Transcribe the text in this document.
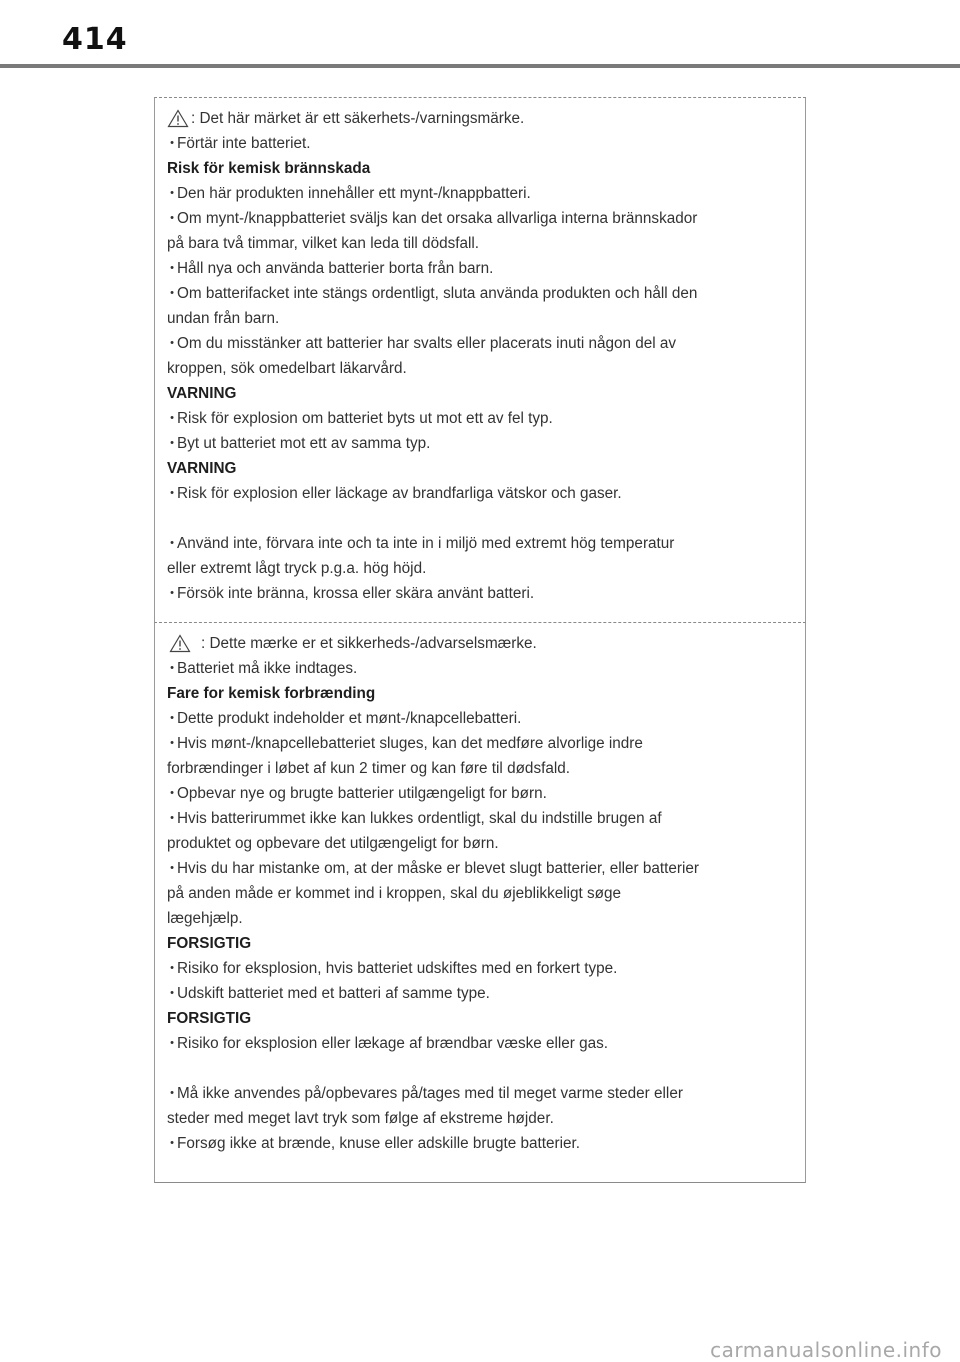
414
: Det här märket är ett säkerhets-/varningsmärke.
• Förtär inte batteriet.
Risk för kemisk brännskada
• Den här produkten innehåller ett mynt-/knappbatteri.
• Om mynt-/knappbatteriet sväljs kan det orsaka allvarliga interna brännskador
på bara två timmar, vilket kan leda till dödsfall.
• Håll nya och använda batterier borta från barn.
• Om batterifacket inte stängs ordentligt, sluta använda produkten och håll den
undan från barn.
• Om du misstänker att batterier har svalts eller placerats inuti någon del av
kroppen, sök omedelbart läkarvård.
VARNING
• Risk för explosion om batteriet byts ut mot ett av fel typ.
• Byt ut batteriet mot ett av samma typ.
VARNING
• Risk för explosion eller läckage av brandfarliga vätskor och gaser.
• Använd inte, förvara inte och ta inte in i miljö med extremt hög temperatur
eller extremt lågt tryck p.g.a. hög höjd.
• Försök inte bränna, krossa eller skära använt batteri.
: Dette mærke er et sikkerheds-/advarselsmærke.
• Batteriet må ikke indtages.
Fare for kemisk forbrænding
• Dette produkt indeholder et mønt-/knapcellebatteri.
• Hvis mønt-/knapcellebatteriet sluges, kan det medføre alvorlige indre
forbrændinger i løbet af kun 2 timer og kan føre til dødsfald.
• Opbevar nye og brugte batterier utilgængeligt for børn.
• Hvis batterirummet ikke kan lukkes ordentligt, skal du indstille brugen af
produktet og opbevare det utilgængeligt for børn.
• Hvis du har mistanke om, at der måske er blevet slugt batterier, eller batterier
på anden måde er kommet ind i kroppen, skal du øjeblikkeligt søge
lægehjælp.
FORSIGTIG
• Risiko for eksplosion, hvis batteriet udskiftes med en forkert type.
• Udskift batteriet med et batteri af samme type.
FORSIGTIG
• Risiko for eksplosion eller lækage af brændbar væske eller gas.
• Må ikke anvendes på/opbevares på/tages med til meget varme steder eller
steder med meget lavt tryk som følge af ekstreme højder.
• Forsøg ikke at brænde, knuse eller adskille brugte batterier.
carmanualsonline.info
